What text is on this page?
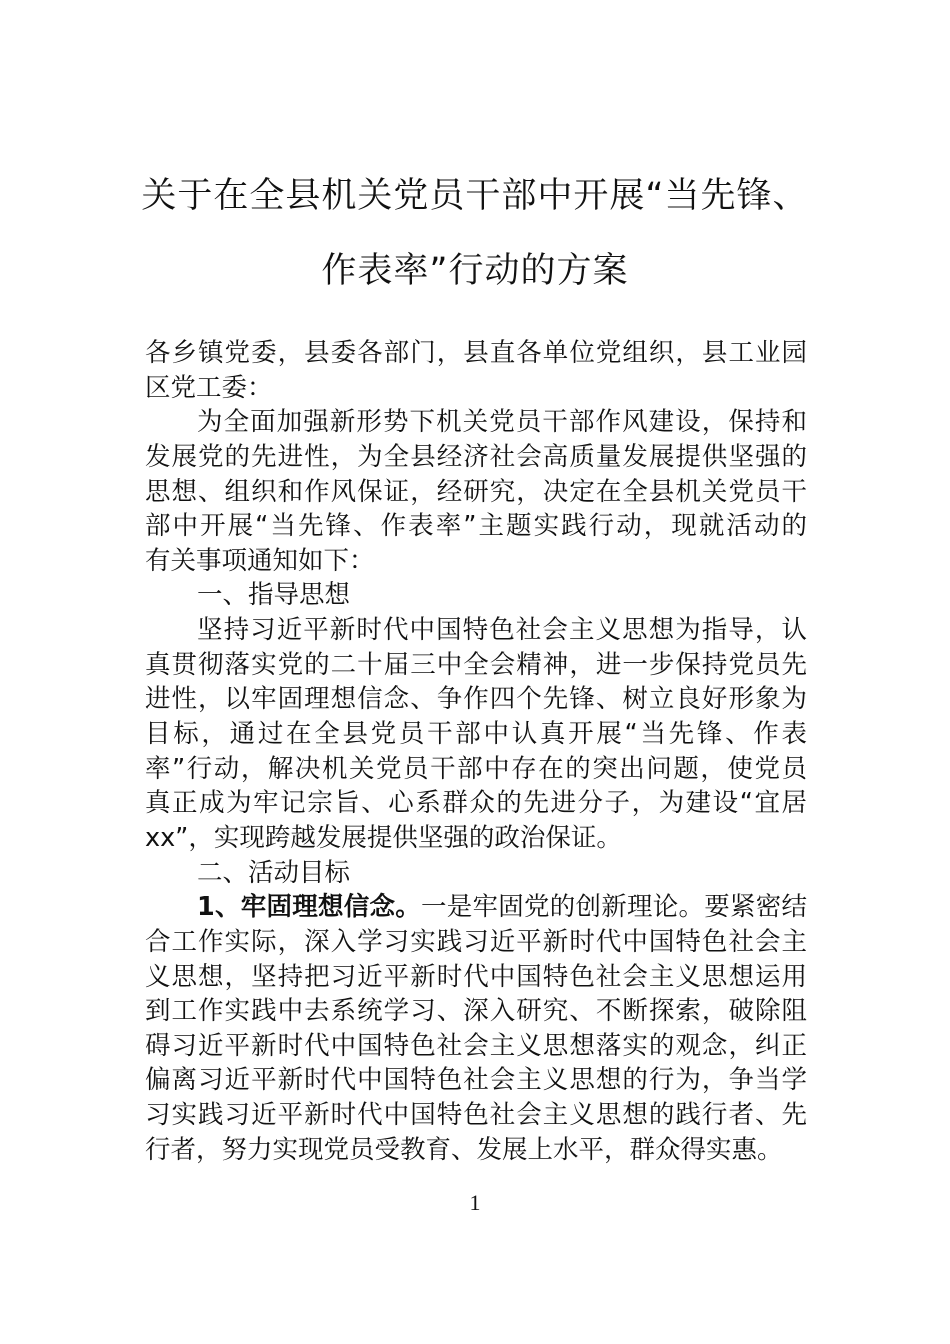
关于在全县机关党员干部中开展“当先锋、
作表率”行动的方案
各乡镇党委，县委各部门，县直各单位党组织，县工业园
区党工委：
为全面加强新形势下机关党员干部作风建设，保持和
发展党的先进性，为全县经济社会高质量发展提供坚强的
思想、组织和作风保证，经研究，决定在全县机关党员干
部中开展“当先锋、作表率”主题实践行动，现就活动的
有关事项通知如下：
一、指导思想
坚持习近平新时代中国特色社会主义思想为指导，认
真贯彻落实党的二十届三中全会精神，进一步保持党员先
进性，以牢固理想信念、争作四个先锋、树立良好形象为
目标，通过在全县党员干部中认真开展“当先锋、作表
率”行动，解决机关党员干部中存在的突出问题，使党员
真正成为牢记宗旨、心系群众的先进分子，为建设“宜居
xx”，实现跨越发展提供坚强的政治保证。
二、活动目标
1、牢固理想信念。一是牢固党的创新理论。要紧密结
合工作实际，深入学习实践习近平新时代中国特色社会主
义思想，坚持把习近平新时代中国特色社会主义思想运用
到工作实践中去系统学习、深入研究、不断探索，破除阻
碍习近平新时代中国特色社会主义思想落实的观念，纠正
偏离习近平新时代中国特色社会主义思想的行为，争当学
习实践习近平新时代中国特色社会主义思想的践行者、先
行者，努力实现党员受教育、发展上水平，群众得实惠。
1
